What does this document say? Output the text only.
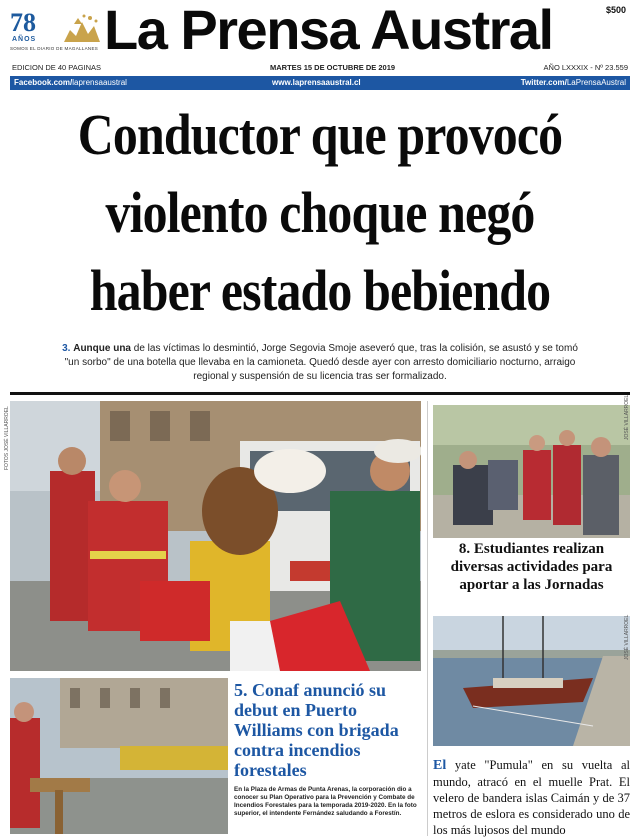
78
AÑOS
SOMOS EL DIARIO DE MAGALLANES La Prensa Austral	$500
EDICION DE 40 PAGINAS	MARTES 15 DE OCTUBRE DE 2019	AÑO LXXXIX - Nº 23.559
Facebook.com/laprensaaustral	www.laprensaaustral.cl	Twitter.com/LaPrensaAustral
Conductor que provocó
violento choque negó
haber estado bebiendo
3. Aunque una de las víctimas lo desmintió, Jorge Segovia Smoje aseveró que, tras la colisión, se asustó y se tomó "un sorbo" de una botella que llevaba en la camioneta. Quedó desde ayer con arresto domiciliario nocturno, arraigo regional y suspensión de su licencia tras ser formalizado.
FOTOS JOSÉ VILLARROEL	JOSÉ VILLARROEL
8. Estudiantes realizan diversas actividades para aportar a las Jornadas
JOSÉ VILLARROEL
El yate "Pumula" en su vuelta al mundo, atracó en el muelle Prat. El velero de bandera islas Caimán y de 37 metros de eslora es considerado uno de los más lujosos del mundo
5. Conaf anunció su debut en Puerto Williams con brigada contra incendios forestales
En la Plaza de Armas de Punta Arenas, la corporación dio a conocer su Plan Operativo para la Prevención y Combate de Incendios Forestales para la temporada 2019-2020. En la foto superior, el intendente Fernández saludando a Forestín.
